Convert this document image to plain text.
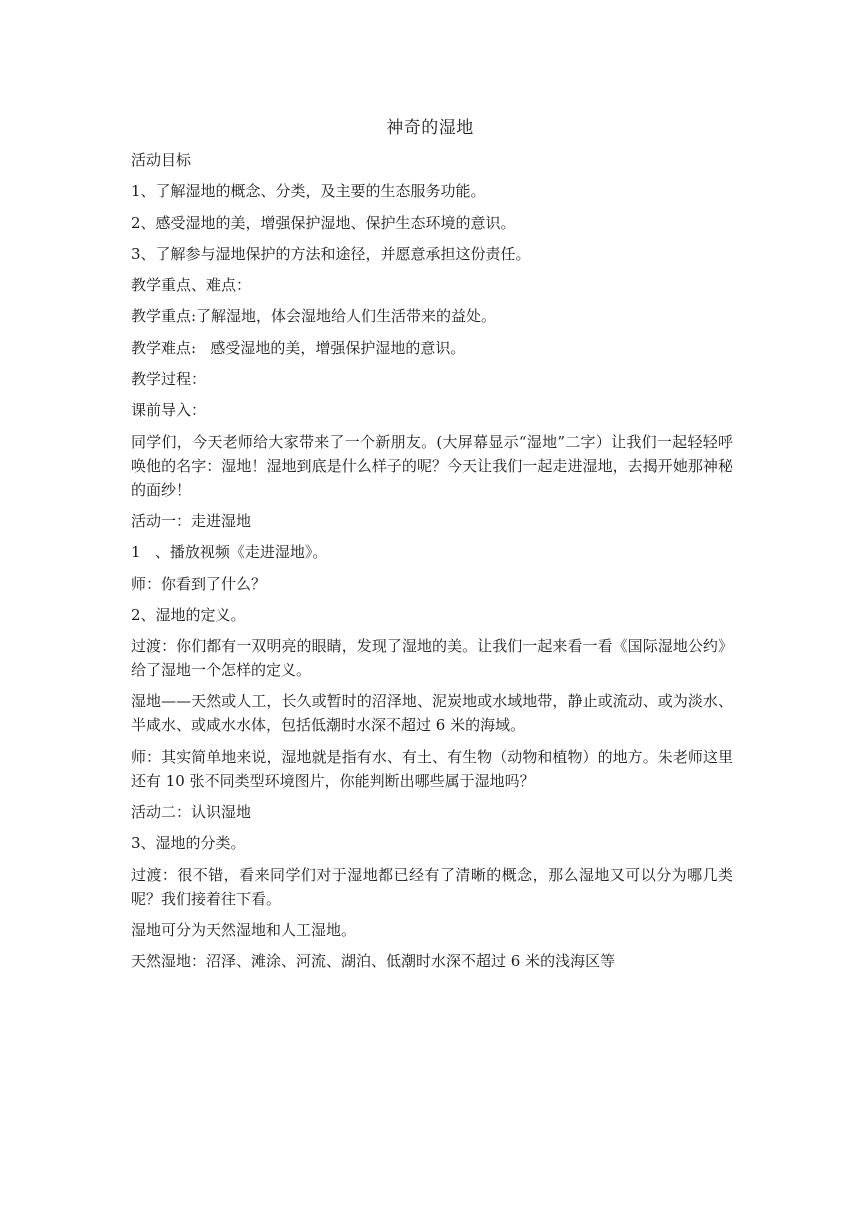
神奇的湿地

活动目标

1、了解湿地的概念、分类，及主要的生态服务功能。

2、感受湿地的美，增强保护湿地、保护生态环境的意识。

3、了解参与湿地保护的方法和途径，并愿意承担这份责任。

教学重点、难点：

教学重点:了解湿地，体会湿地给人们生活带来的益处。

教学难点:   感受湿地的美，增强保护湿地的意识。

教学过程：

课前导入：

同学们，今天老师给大家带来了一个新朋友。(大屏幕显示“湿地”二字）让我们一起轻轻呼唤他的名字：湿地！湿地到底是什么样子的呢？今天让我们一起走进湿地，去揭开她那神秘的面纱！

活动一：走进湿地

1   、播放视频《走进湿地》。

师：你看到了什么？

2、湿地的定义。

过渡：你们都有一双明亮的眼睛，发现了湿地的美。让我们一起来看一看《国际湿地公约》给了湿地一个怎样的定义。

湿地——天然或人工，长久或暂时的沼泽地、泥炭地或水域地带，静止或流动、或为淡水、半咸水、或咸水水体，包括低潮时水深不超过 6 米的海域。

师：其实简单地来说，湿地就是指有水、有土、有生物（动物和植物）的地方。朱老师这里还有 10 张不同类型环境图片，你能判断出哪些属于湿地吗？

活动二：认识湿地

3、湿地的分类。

过渡：很不错，看来同学们对于湿地都已经有了清晰的概念，那么湿地又可以分为哪几类呢？我们接着往下看。

湿地可分为天然湿地和人工湿地。

天然湿地：沼泽、滩涂、河流、湖泊、低潮时水深不超过 6 米的浅海区等
